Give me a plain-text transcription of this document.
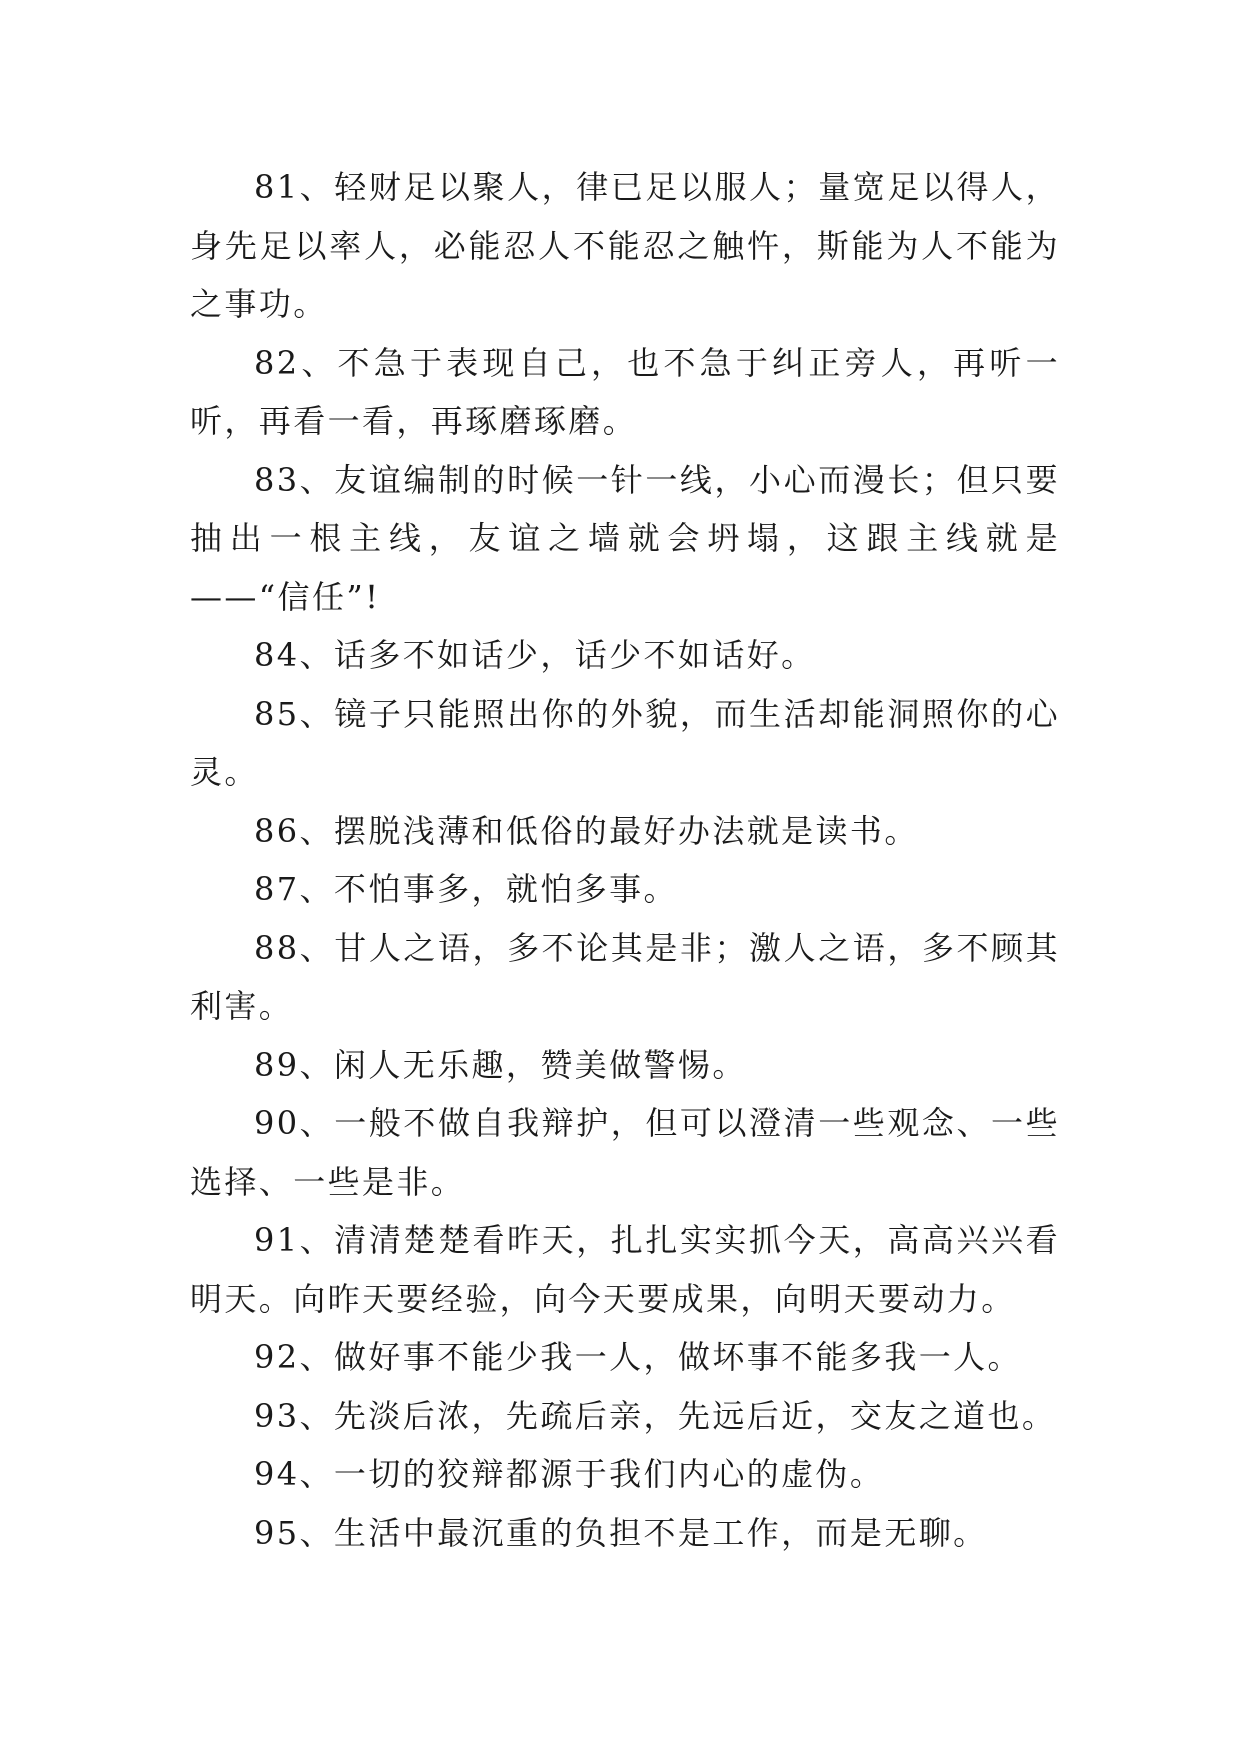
81、轻财足以聚人，律已足以服人；量宽足以得人，身先足以率人，必能忍人不能忍之触忤，斯能为人不能为之事功。

82、不急于表现自己，也不急于纠正旁人，再听一听，再看一看，再琢磨琢磨。

83、友谊编制的时候一针一线，小心而漫长；但只要抽出一根主线，友谊之墙就会坍塌，这跟主线就是——“信任”!

84、话多不如话少，话少不如话好。

85、镜子只能照出你的外貌，而生活却能洞照你的心灵。

86、摆脱浅薄和低俗的最好办法就是读书。

87、不怕事多，就怕多事。

88、甘人之语，多不论其是非；激人之语，多不顾其利害。

89、闲人无乐趣，赞美做警惕。

90、一般不做自我辩护，但可以澄清一些观念、一些选择、一些是非。

91、清清楚楚看昨天，扎扎实实抓今天，高高兴兴看明天。向昨天要经验，向今天要成果，向明天要动力。

92、做好事不能少我一人，做坏事不能多我一人。

93、先淡后浓，先疏后亲，先远后近，交友之道也。

94、一切的狡辩都源于我们内心的虚伪。

95、生活中最沉重的负担不是工作，而是无聊。
